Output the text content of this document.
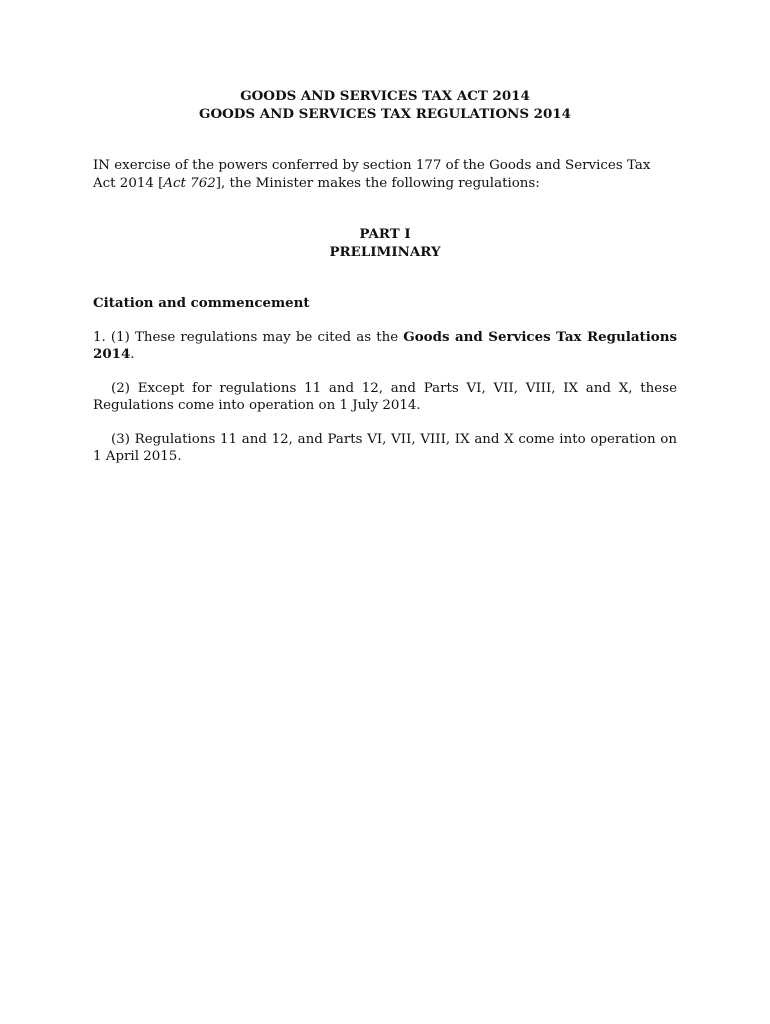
GOODS AND SERVICES TAX ACT 2014

GOODS AND SERVICES TAX REGULATIONS 2014

IN exercise of the powers conferred by section 177 of the Goods and Services Tax Act 2014 [Act 762], the Minister makes the following regulations:

PART I

PRELIMINARY

Citation and commencement

1. (1) These regulations may be cited as the Goods and Services Tax Regulations 2014.

(2) Except for regulations 11 and 12, and Parts VI, VII, VIII, IX and X, these Regulations come into operation on 1 July 2014.

(3) Regulations 11 and 12, and Parts VI, VII, VIII, IX and X come into operation on 1 April 2015.
